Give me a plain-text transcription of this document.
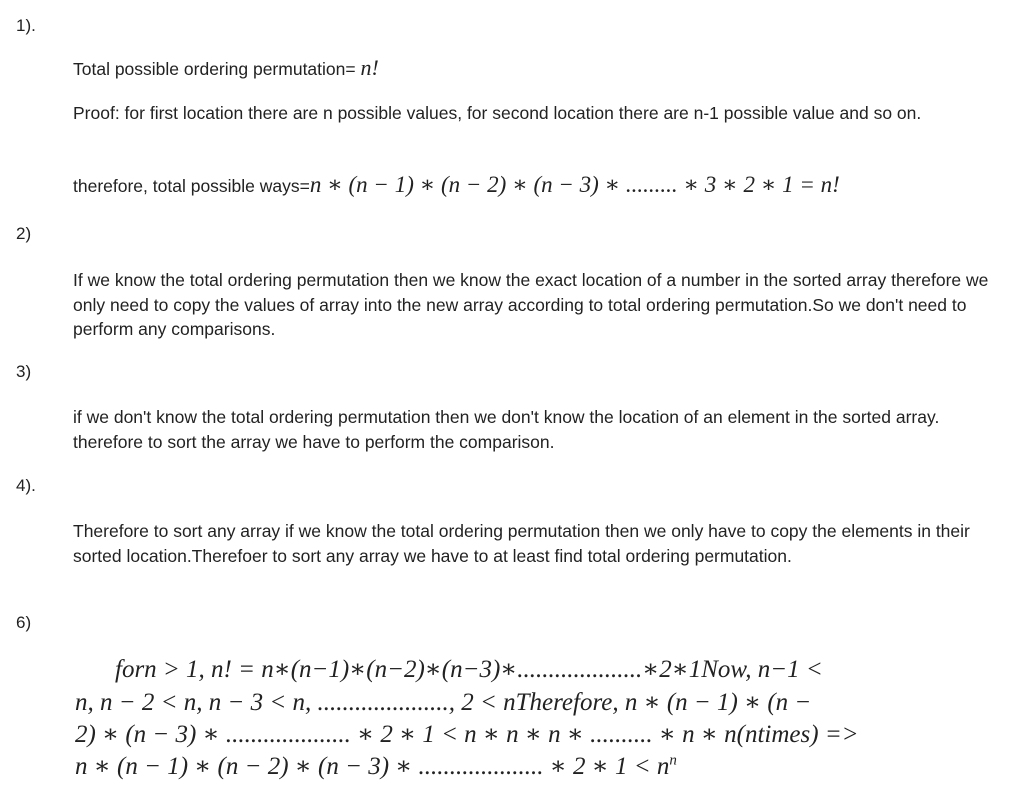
1).
2)
3)
4).
6)
Total possible ordering permutation= n!
Proof: for first location there are n possible values, for second location there are n-1 possible value and so on.
therefore, total possible ways=n ∗ (n − 1) ∗ (n − 2) ∗ (n − 3) ∗ ......... ∗ 3 ∗ 2 ∗ 1 = n!
If we know the total ordering permutation then we know the exact location of a number in the sorted array therefore we only need to copy the values of array into the new array according to total ordering permutation.So we don't need to perform any comparisons.
if we don't know the total ordering permutation then we don't know the location of an element in the sorted array. therefore to sort the array we have to perform the comparison.
Therefore to sort any array if we know the total ordering permutation then we only have to copy the elements in their sorted location.Therefoer to sort any array we have to at least find total ordering permutation.
forn > 1, n! = n∗(n−1)∗(n−2)∗(n−3)∗....................∗2∗1Now, n−1 <
n, n − 2 < n, n − 3 < n, ....................., 2 < nTherefore, n ∗ (n − 1) ∗ (n −
2) ∗ (n − 3) ∗ .................... ∗ 2 ∗ 1 < n ∗ n ∗ n ∗ .......... ∗ n ∗ n(ntimes) =>
n ∗ (n − 1) ∗ (n − 2) ∗ (n − 3) ∗ .................... ∗ 2 ∗ $1 < n^n$
